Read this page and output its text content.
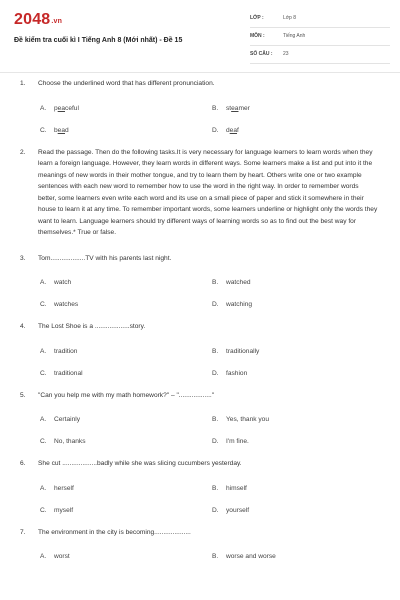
2048.vn
Đề kiểm tra cuối kì I Tiếng Anh 8 (Mới nhất) - Đề 15
LỚP :	Lớp 8
MÔN :	Tiếng Anh
SỐ CÂU : 23
1. Choose the underlined word that has different pronunciation.
A. peaceful	B. steamer
C. bead	D. deaf
2. Read the passage. Then do the following tasks.It is very necessary for language learners to learn words when they learn a foreign language. However, they learn words in different ways. Some learners make a list and put into it the meanings of new words in their mother tongue, and try to learn them by heart. Others write one or two example sentences with each new word to remember how to use the word in the right way. In order to remember words better, some learners even write each word and its use on a small piece of paper and stick it somewhere in their house to learn it at any time. To remember important words, some learners underline or highlight only the words they want to learn. Language learners should try different ways of learning words so as to find out the best way for themselves.* True or false.
3. Tom...................TV with his parents last night.
A. watch	B. watched
C. watches	D. watching
4. The Lost Shoe is a ...................story.
A. tradition	B. traditionally
C. traditional	D. fashion
5. "Can you help me with my math homework?" – ".................."
A. Certainly	B. Yes, thank you
C. No, thanks	D. I'm fine.
6. She cut ...................badly while she was slicing cucumbers yesterday.
A. herself	B. himself
C. myself	D. yourself
7. The environment in the city is becoming....................
A. worst	B. worse and worse
